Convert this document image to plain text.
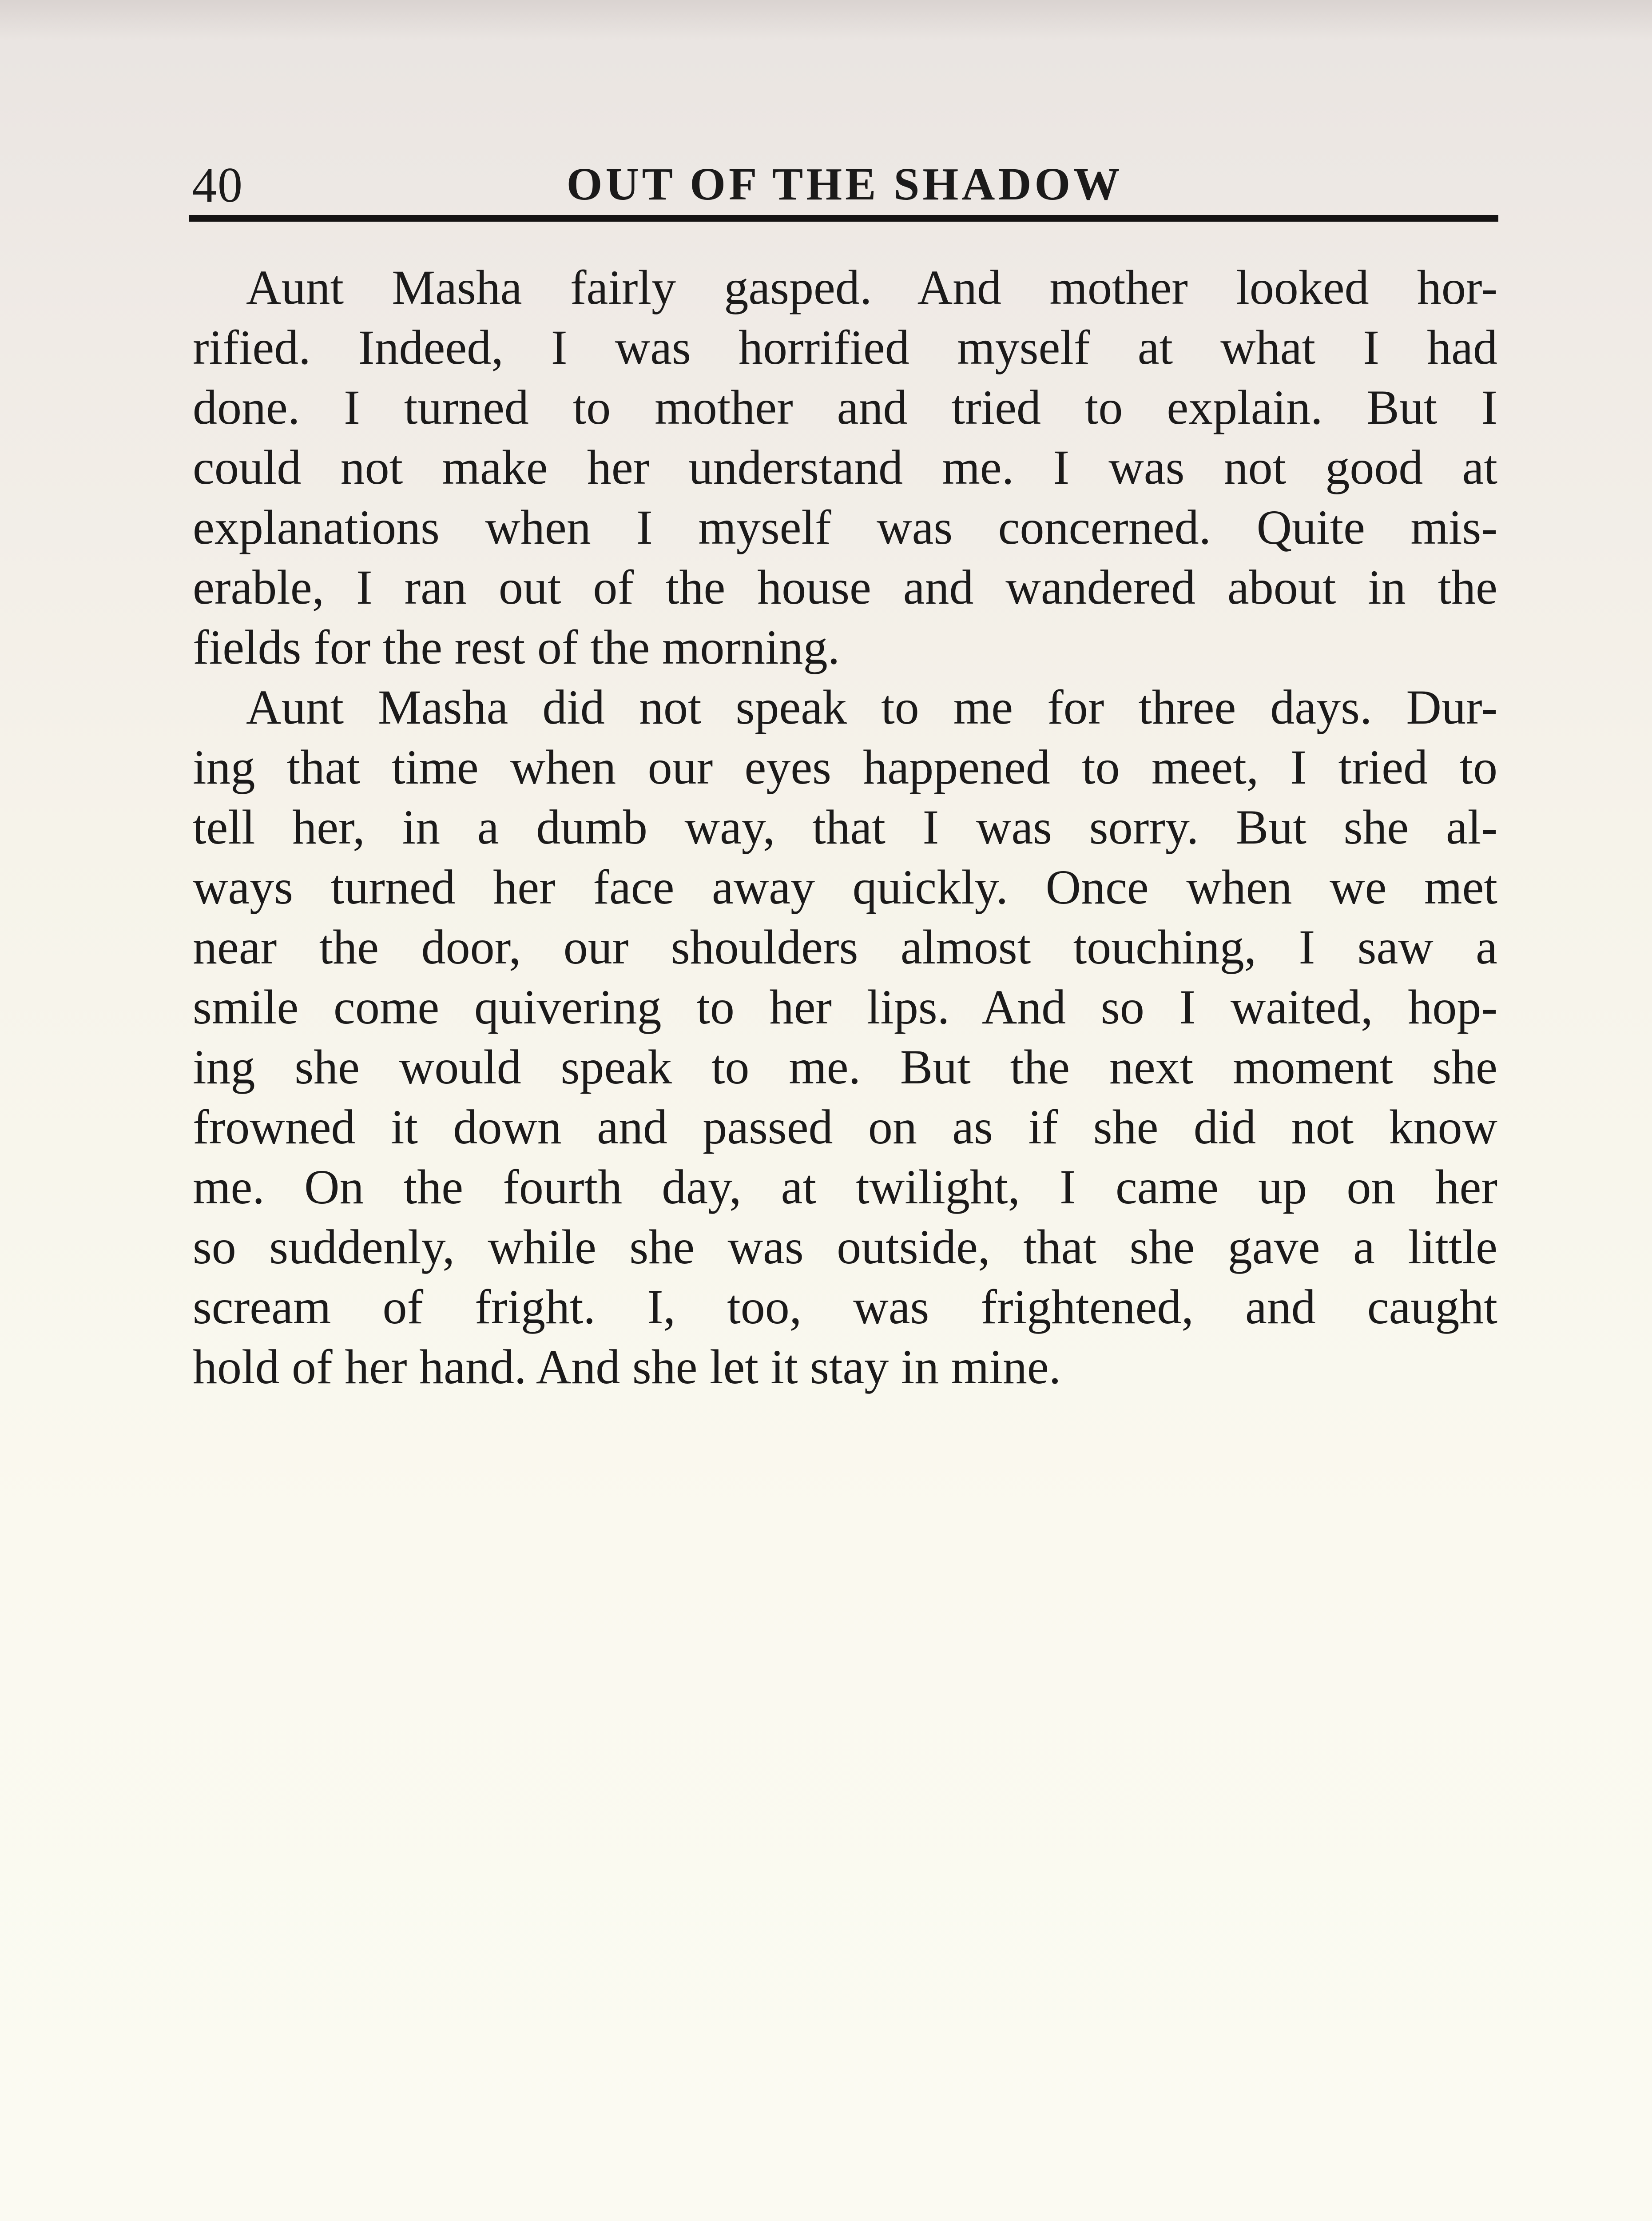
40	OUT OF THE SHADOW
Aunt Masha fairly gasped. And mother looked hor-
rified. Indeed, I was horrified myself at what I had
done. I turned to mother and tried to explain. But I
could not make her understand me. I was not good at
explanations when I myself was concerned. Quite mis-
erable, I ran out of the house and wandered about in the
fields for the rest of the morning.
Aunt Masha did not speak to me for three days. Dur-
ing that time when our eyes happened to meet, I tried to
tell her, in a dumb way, that I was sorry. But she al-
ways turned her face away quickly. Once when we met
near the door, our shoulders almost touching, I saw a
smile come quivering to her lips. And so I waited, hop-
ing she would speak to me. But the next moment she
frowned it down and passed on as if she did not know
me. On the fourth day, at twilight, I came up on her
so suddenly, while she was outside, that she gave a little
scream of fright. I, too, was frightened, and caught
hold of her hand. And she let it stay in mine.
